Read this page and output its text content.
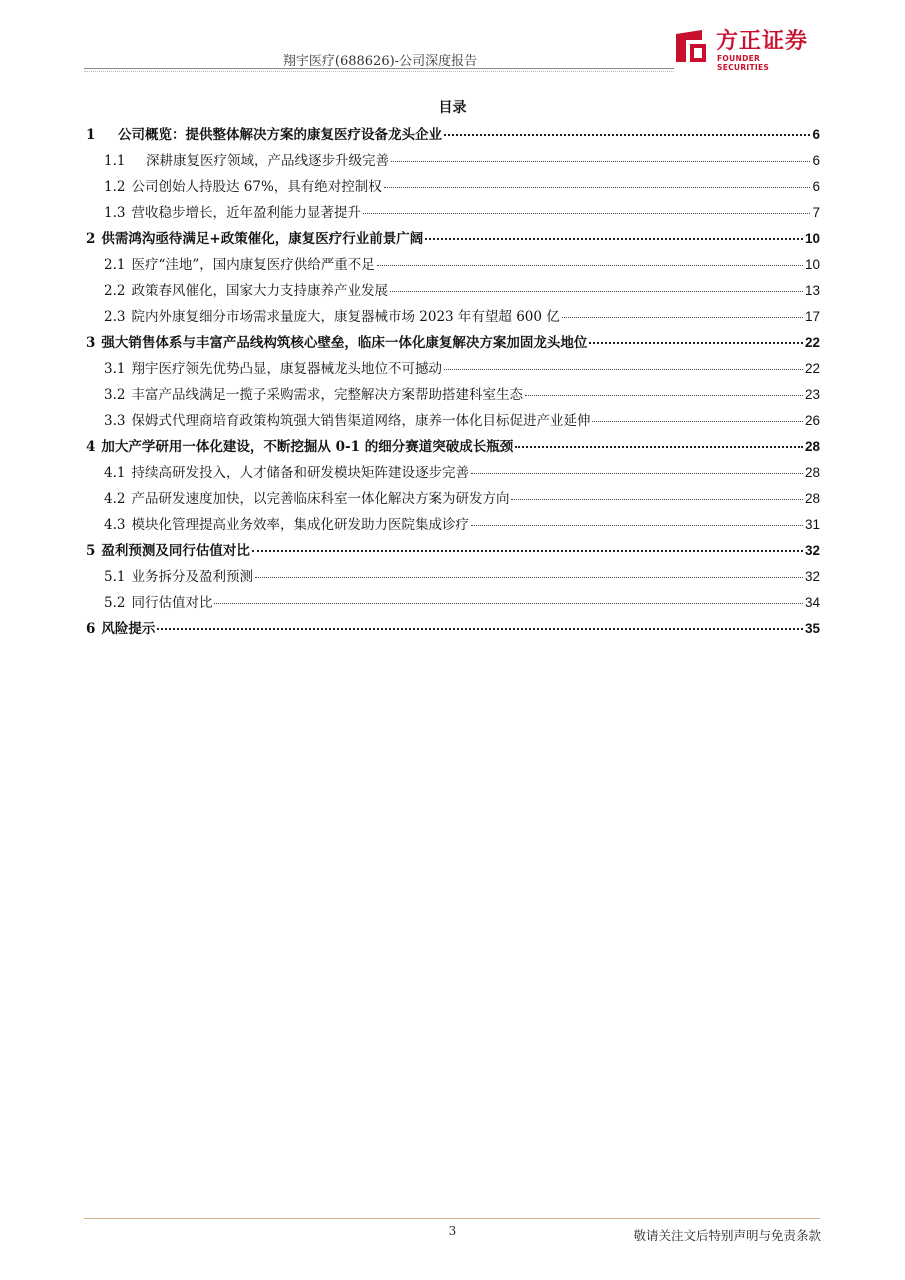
翔宇医疗(688626)-公司深度报告
方正证券
FOUNDER SECURITIES
目录
1	公司概览：提供整体解决方案的康复医疗设备龙头企业	6
1.1	深耕康复医疗领域，产品线逐步升级完善	6
1.2 公司创始人持股达 67%，具有绝对控制权	6
1.3 营收稳步增长，近年盈利能力显著提升	7
2 供需鸿沟亟待满足+政策催化，康复医疗行业前景广阔	10
2.1 医疗“洼地”，国内康复医疗供给严重不足	10
2.2 政策春风催化，国家大力支持康养产业发展	13
2.3 院内外康复细分市场需求量庞大，康复器械市场 2023 年有望超 600 亿	17
3 强大销售体系与丰富产品线构筑核心壁垒，临床一体化康复解决方案加固龙头地位	22
3.1 翔宇医疗领先优势凸显，康复器械龙头地位不可撼动	22
3.2 丰富产品线满足一揽子采购需求，完整解决方案帮助搭建科室生态	23
3.3 保姆式代理商培育政策构筑强大销售渠道网络，康养一体化目标促进产业延伸	26
4 加大产学研用一体化建设，不断挖掘从 0-1 的细分赛道突破成长瓶颈	28
4.1 持续高研发投入，人才储备和研发模块矩阵建设逐步完善	28
4.2 产品研发速度加快，以完善临床科室一体化解决方案为研发方向	28
4.3 模块化管理提高业务效率，集成化研发助力医院集成诊疗	31
5 盈利预测及同行估值对比	32
5.1 业务拆分及盈利预测	32
5.2 同行估值对比	34
6 风险提示	35
3	敬请关注文后特别声明与免责条款
